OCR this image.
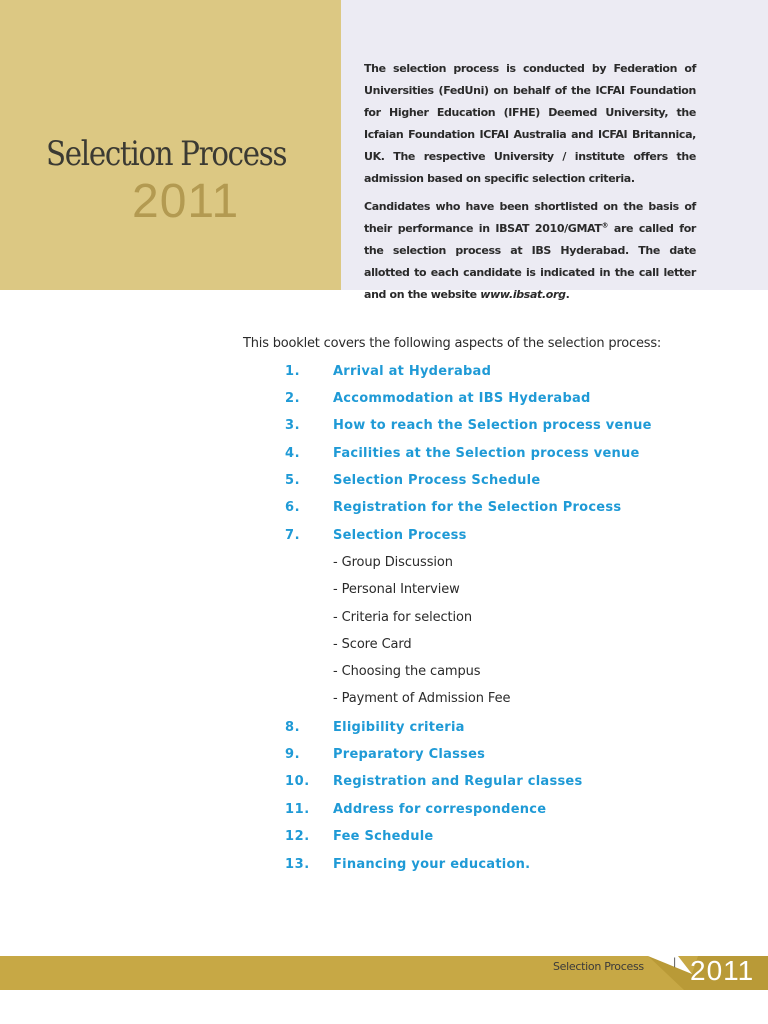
Selection Process
2011

The selection process is conducted by Federation of Universities (FedUni) on behalf of the ICFAI Foundation for Higher Education (IFHE) Deemed University, the Icfaian Foundation ICFAI Australia and ICFAI Britannica, UK. The respective University / institute offers the admission based on specific selection criteria.

Candidates who have been shortlisted on the basis of their performance in IBSAT 2010/GMAT® are called for the selection process at IBS Hyderabad. The date allotted to each candidate is indicated in the call letter and on the website www.ibsat.org.

This booklet covers the following aspects of the selection process:
1.	Arrival at Hyderabad
2.	Accommodation at IBS Hyderabad
3.	How to reach the Selection process venue
4.	Facilities at the Selection process venue
5.	Selection Process Schedule
6.	Registration for the Selection Process
7.	Selection Process
- Group Discussion
- Personal Interview
- Criteria for selection
- Score Card
- Choosing the campus
- Payment of Admission Fee
8.	Eligibility criteria
9.	Preparatory Classes
10. Registration and Regular classes
11. Address for correspondence
12. Fee Schedule
13. Financing your education.
Selection Process	| 2011
